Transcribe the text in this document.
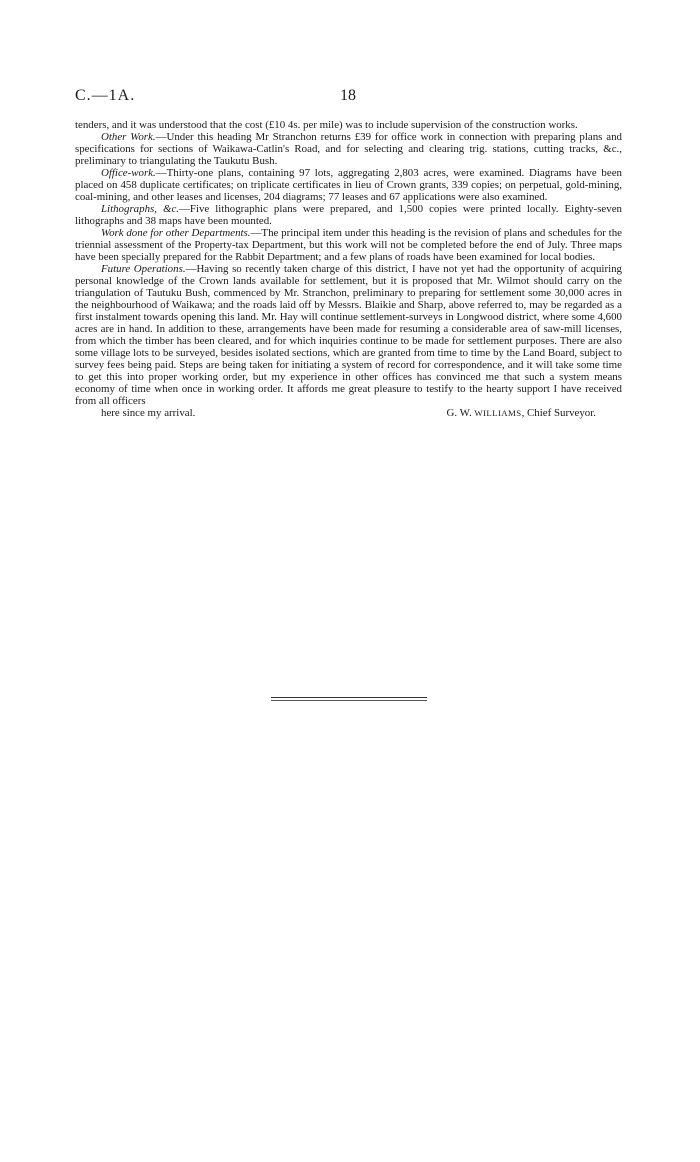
C.—1A.	18

tenders, and it was understood that the cost (£10 4s. per mile) was to include supervision of the construction works.

Other Work.—Under this heading Mr Stranchon returns £39 for office work in connection with preparing plans and specifications for sections of Waikawa-Catlin's Road, and for selecting and clearing trig. stations, cutting tracks, &c., preliminary to triangulating the Taukutu Bush.

Office-work.—Thirty-one plans, containing 97 lots, aggregating 2,803 acres, were examined. Diagrams have been placed on 458 duplicate certificates; on triplicate certificates in lieu of Crown grants, 339 copies; on perpetual, gold-mining, coal-mining, and other leases and licenses, 204 diagrams; 77 leases and 67 applications were also examined.

Lithographs, &c.—Five lithographic plans were prepared, and 1,500 copies were printed locally. Eighty-seven lithographs and 38 maps have been mounted.

Work done for other Departments.—The principal item under this heading is the revision of plans and schedules for the triennial assessment of the Property-tax Department, but this work will not be completed before the end of July. Three maps have been specially prepared for the Rabbit Department; and a few plans of roads have been examined for local bodies.

Future Operations.—Having so recently taken charge of this district, I have not yet had the opportunity of acquiring personal knowledge of the Crown lands available for settlement, but it is proposed that Mr. Wilmot should carry on the triangulation of Tautuku Bush, commenced by Mr. Stranchon, preliminary to preparing for settlement some 30,000 acres in the neighbourhood of Waikawa; and the roads laid off by Messrs. Blaikie and Sharp, above referred to, may be regarded as a first instalment towards opening this land. Mr. Hay will continue settlement-surveys in Longwood district, where some 4,600 acres are in hand. In addition to these, arrangements have been made for resuming a considerable area of saw-mill licenses, from which the timber has been cleared, and for which inquiries continue to be made for settlement purposes. There are also some village lots to be surveyed, besides isolated sections, which are granted from time to time by the Land Board, subject to survey fees being paid. Steps are being taken for initiating a system of record for correspondence, and it will take some time to get this into proper working order, but my experience in other offices has convinced me that such a system means economy of time when once in working order. It affords me great pleasure to testify to the hearty support I have received from all officers

here since my arrival.	G. W. WILLIAMS, Chief Surveyor.
